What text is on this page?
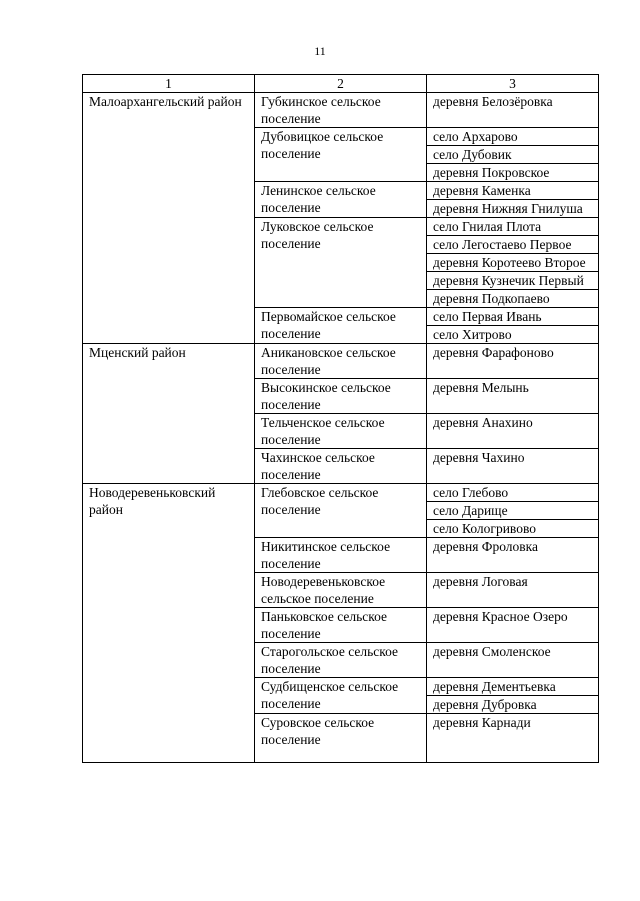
11
1	2	3
Малоархангельский район	Губкинское сельское поселение	деревня Белозёровка
	Дубовицкое сельское поселение	село Архарово
		село Дубовик
		деревня Покровское
	Ленинское сельское поселение	деревня Каменка
		деревня Нижняя Гнилуша
	Луковское сельское поселение	село Гнилая Плота
		село Легостаево Первое
		деревня Коротеево Второе
		деревня Кузнечик Первый
		деревня Подкопаево
	Первомайское сельское поселение	село Первая Ивань
		село Хитрово
Мценский район	Аникановское сельское поселение	деревня Фарафоново
	Высокинское сельское поселение	деревня Мелынь
	Тельченское сельское поселение	деревня Анахино
	Чахинское сельское поселение	деревня Чахино
Новодеревеньковский район	Глебовское сельское поселение	село Глебово
		село Дарище
		село Кологривово
	Никитинское сельское поселение	деревня Фроловка
	Новодеревеньковское сельское поселение	деревня Логовая
	Паньковское сельское поселение	деревня Красное Озеро
	Старогольское сельское поселение	деревня Смоленское
	Судбищенское сельское поселение	деревня Дементьевка
		деревня Дубровка
	Суровское сельское поселение	деревня Карнади
